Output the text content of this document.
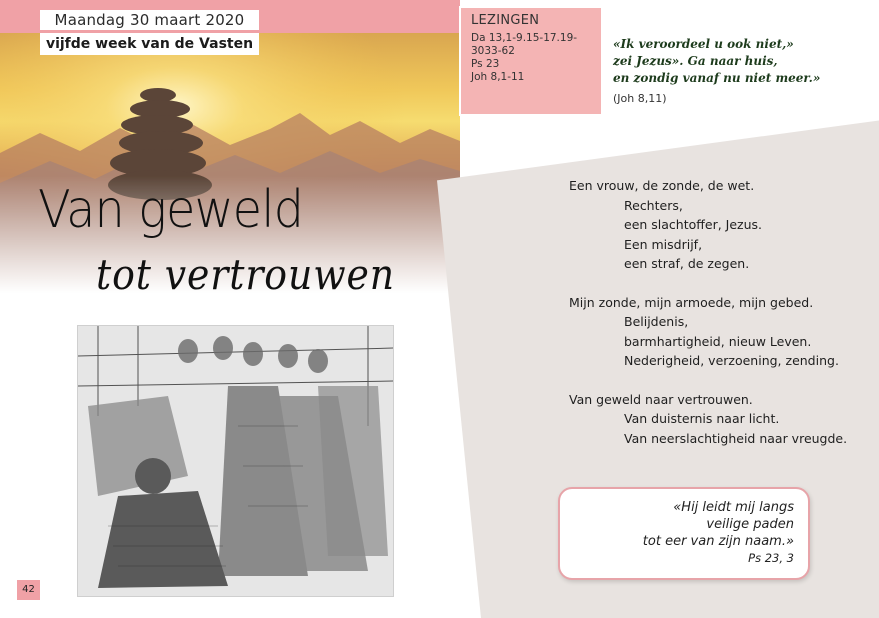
Maandag 30 maart 2020
vijfde week van de Vasten
Van geweld
tot vertrouwen
42
LEZINGEN
Da 13,1-9.15-17.19-
3033-62
Ps 23
Joh 8,1-11
«Ik veroordeel u ook niet,»
zei Jezus». Ga naar huis,
en zondig vanaf nu niet meer.»
(Joh 8,11)
Een vrouw, de zonde, de wet.
Rechters,
een slachtoffer, Jezus.
Een misdrijf,
een straf, de zegen.
Mijn zonde, mijn armoede, mijn gebed.
Belijdenis,
barmhartigheid, nieuw Leven.
Nederigheid, verzoening, zending.
Van geweld naar vertrouwen.
Van duisternis naar licht.
Van neerslachtigheid naar vreugde.
«Hij leidt mij langs
veilige paden
tot eer van zijn naam.»
Ps 23, 3
